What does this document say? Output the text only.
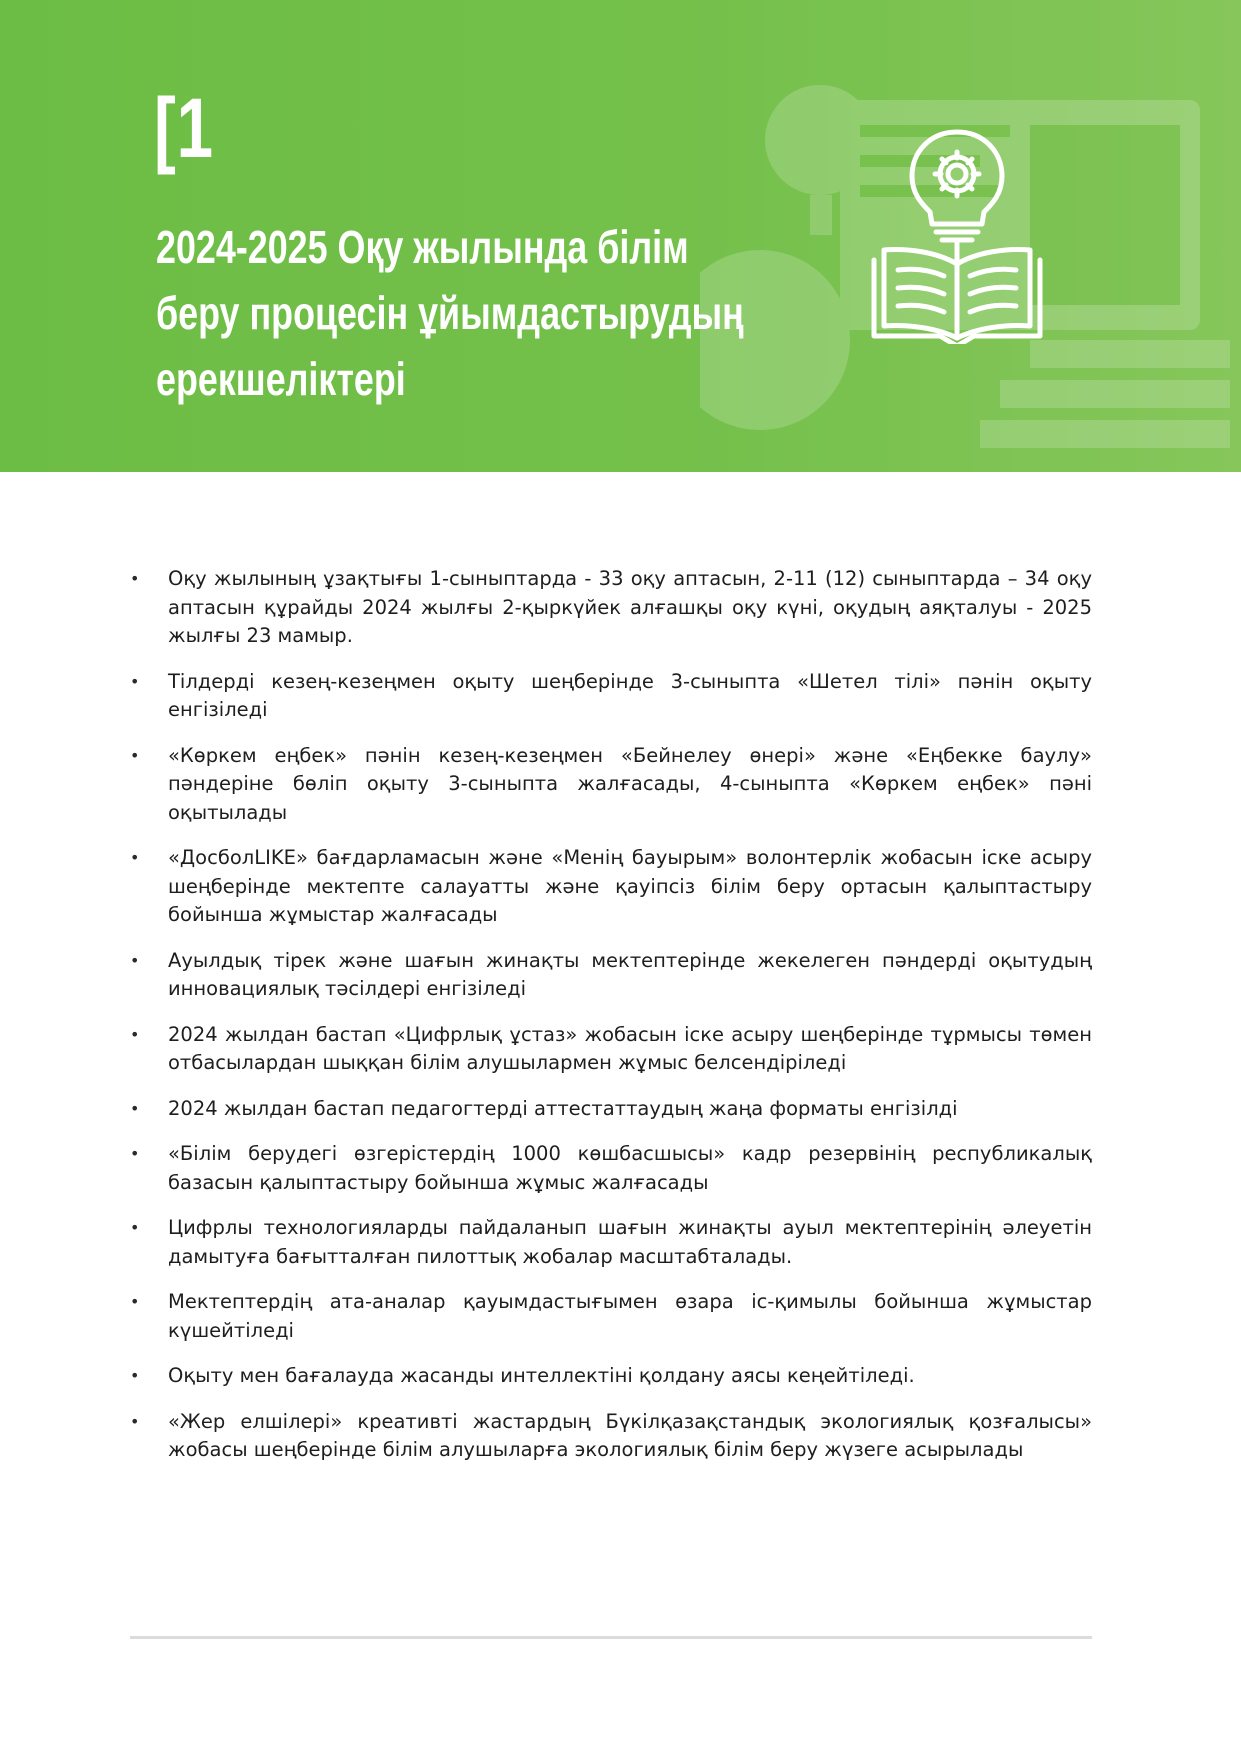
[1
2024-2025 Оқу жылында білім беру процесін ұйымдастырудың ерекшеліктері
•	Оқу жылының ұзақтығы 1-сыныптарда - 33 оқу аптасын, 2-11 (12) сыныптарда – 34 оқу аптасын құрайды 2024 жылғы 2-қыркүйек алғашқы оқу күні, оқудың аяқталуы - 2025 жылғы 23 мамыр.
•	Тілдерді кезең-кезеңмен оқыту шеңберінде 3-сыныпта «Шетел тілі» пәнін оқыту енгізіледі
•	«Көркем еңбек» пәнін кезең-кезеңмен «Бейнелеу өнері» және «Еңбекке баулу» пәндеріне бөліп оқыту 3-сыныпта жалғасады, 4-сыныпта «Көркем еңбек» пәні оқытылады
•	«ДосболLIKE» бағдарламасын және «Менің бауырым» волонтерлік жобасын іске асыру шеңберінде мектепте салауатты және қауіпсіз білім беру ортасын қалыптастыру бойынша жұмыстар жалғасады
•	Ауылдық тірек және шағын жинақты мектептерінде жекелеген пәндерді оқытудың инновациялық тәсілдері енгізіледі
•	2024 жылдан бастап «Цифрлық ұстаз» жобасын іске асыру шеңберінде тұрмысы төмен отбасылардан шыққан білім алушылармен жұмыс белсендіріледі
•	2024 жылдан бастап педагогтерді аттестаттаудың жаңа форматы енгізілді
•	«Білім берудегі өзгерістердің 1000 көшбасшысы» кадр резервінің республикалық базасын қалыптастыру бойынша жұмыс жалғасады
•	Цифрлы технологияларды пайдаланып шағын жинақты ауыл мектептерінің әлеуетін дамытуға бағытталған пилоттық жобалар масштабталады.
•	Мектептердің ата-аналар қауымдастығымен өзара іс-қимылы бойынша жұмыстар күшейтіледі
•	Оқыту мен бағалауда жасанды интеллектіні қолдану аясы кеңейтіледі.
•	«Жер елшілері» креативті жастардың Бүкілқазақстандық экологиялық қозғалысы» жобасы шеңберінде білім алушыларға экологиялық білім беру жүзеге асырылады
